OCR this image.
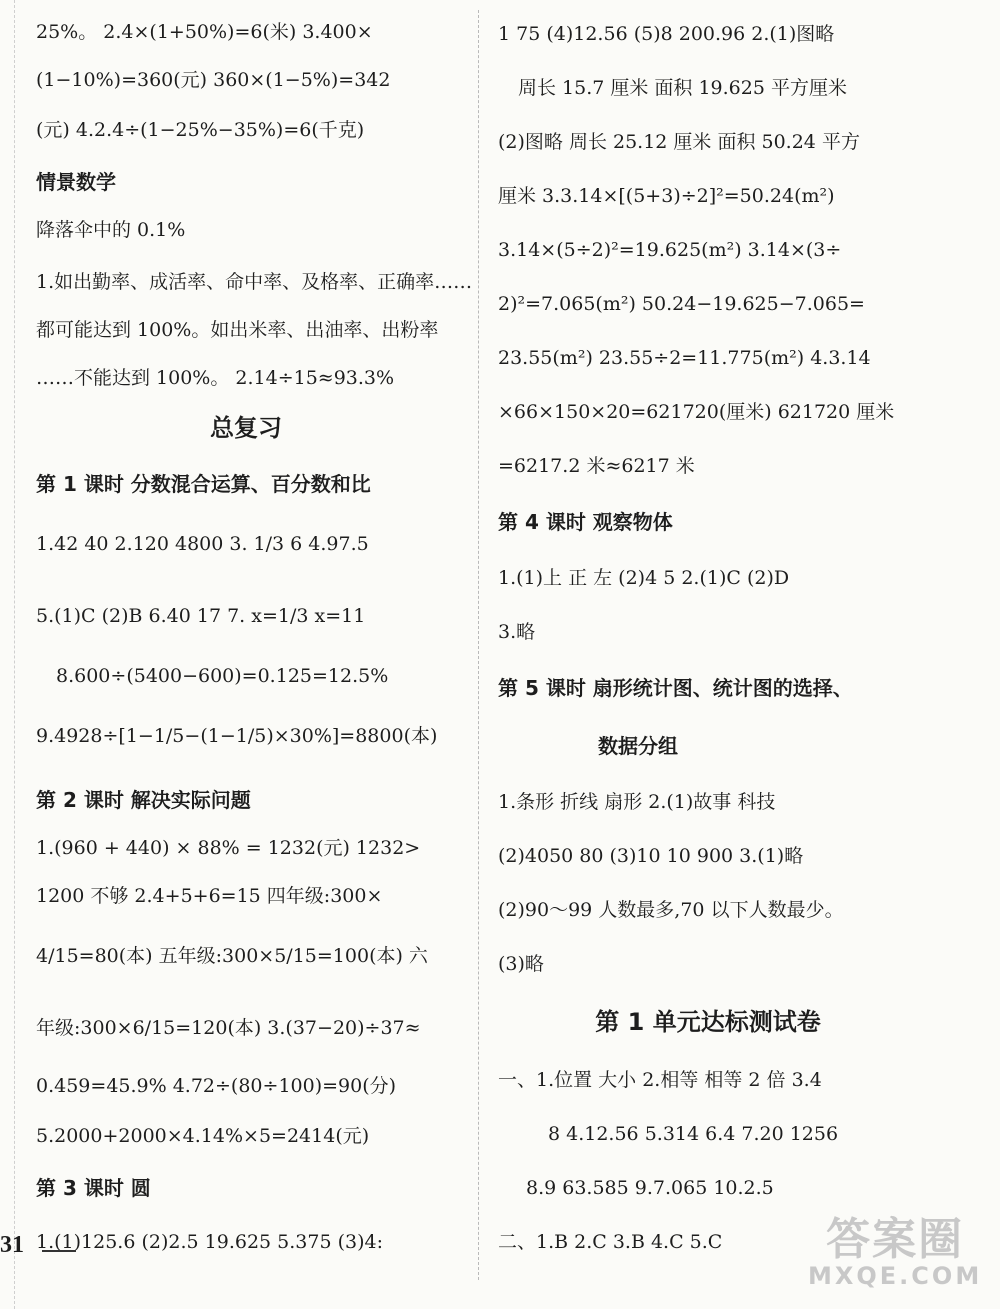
25%。 2.4×(1+50%)=6(米) 3.400×
(1−10%)=360(元) 360×(1−5%)=342
(元) 4.2.4÷(1−25%−35%)=6(千克)
情景数学
降落伞中的 0.1%
1.如出勤率、成活率、命中率、及格率、正确率……
都可能达到 100%。如出米率、出油率、出粉率
……不能达到 100%。 2.14÷15≈93.3%
总复习
第 1 课时 分数混合运算、百分数和比
1.42 40 2.120 4800 3. 1/3 6 4.97.5
5.(1)C (2)B 6.40 17 7. x=1/3 x=11
8.600÷(5400−600)=0.125=12.5%
9.4928÷[1−1/5−(1−1/5)×30%]=8800(本)
第 2 课时 解决实际问题
1.(960 + 440) × 88% = 1232(元) 1232>
1200 不够 2.4+5+6=15 四年级:300×
4/15=80(本) 五年级:300×5/15=100(本) 六
年级:300×6/15=120(本) 3.(37−20)÷37≈
0.459=45.9% 4.72÷(80÷100)=90(分)
5.2000+2000×4.14%×5=2414(元)
第 3 课时 圆
1.(1)125.6 (2)2.5 19.625 5.375 (3)4:
1 75 (4)12.56 (5)8 200.96 2.(1)图略
周长 15.7 厘米 面积 19.625 平方厘米
(2)图略 周长 25.12 厘米 面积 50.24 平方
厘米 3.3.14×[(5+3)÷2]²=50.24(m²)
3.14×(5÷2)²=19.625(m²) 3.14×(3÷
2)²=7.065(m²) 50.24−19.625−7.065=
23.55(m²) 23.55÷2=11.775(m²) 4.3.14
×66×150×20=621720(厘米) 621720 厘米
=6217.2 米≈6217 米
第 4 课时 观察物体
1.(1)上 正 左 (2)4 5 2.(1)C (2)D
3.略
第 5 课时 扇形统计图、统计图的选择、
数据分组
1.条形 折线 扇形 2.(1)故事 科技
(2)4050 80 (3)10 10 900 3.(1)略
(2)90～99 人数最多,70 以下人数最少。
(3)略
第 1 单元达标测试卷
一、1.位置 大小 2.相等 相等 2 倍 3.4
8 4.12.56 5.314 6.4 7.20 1256
8.9 63.585 9.7.065 10.2.5
二、1.B 2.C 3.B 4.C 5.C
31	答案圈
MXQE.COM
